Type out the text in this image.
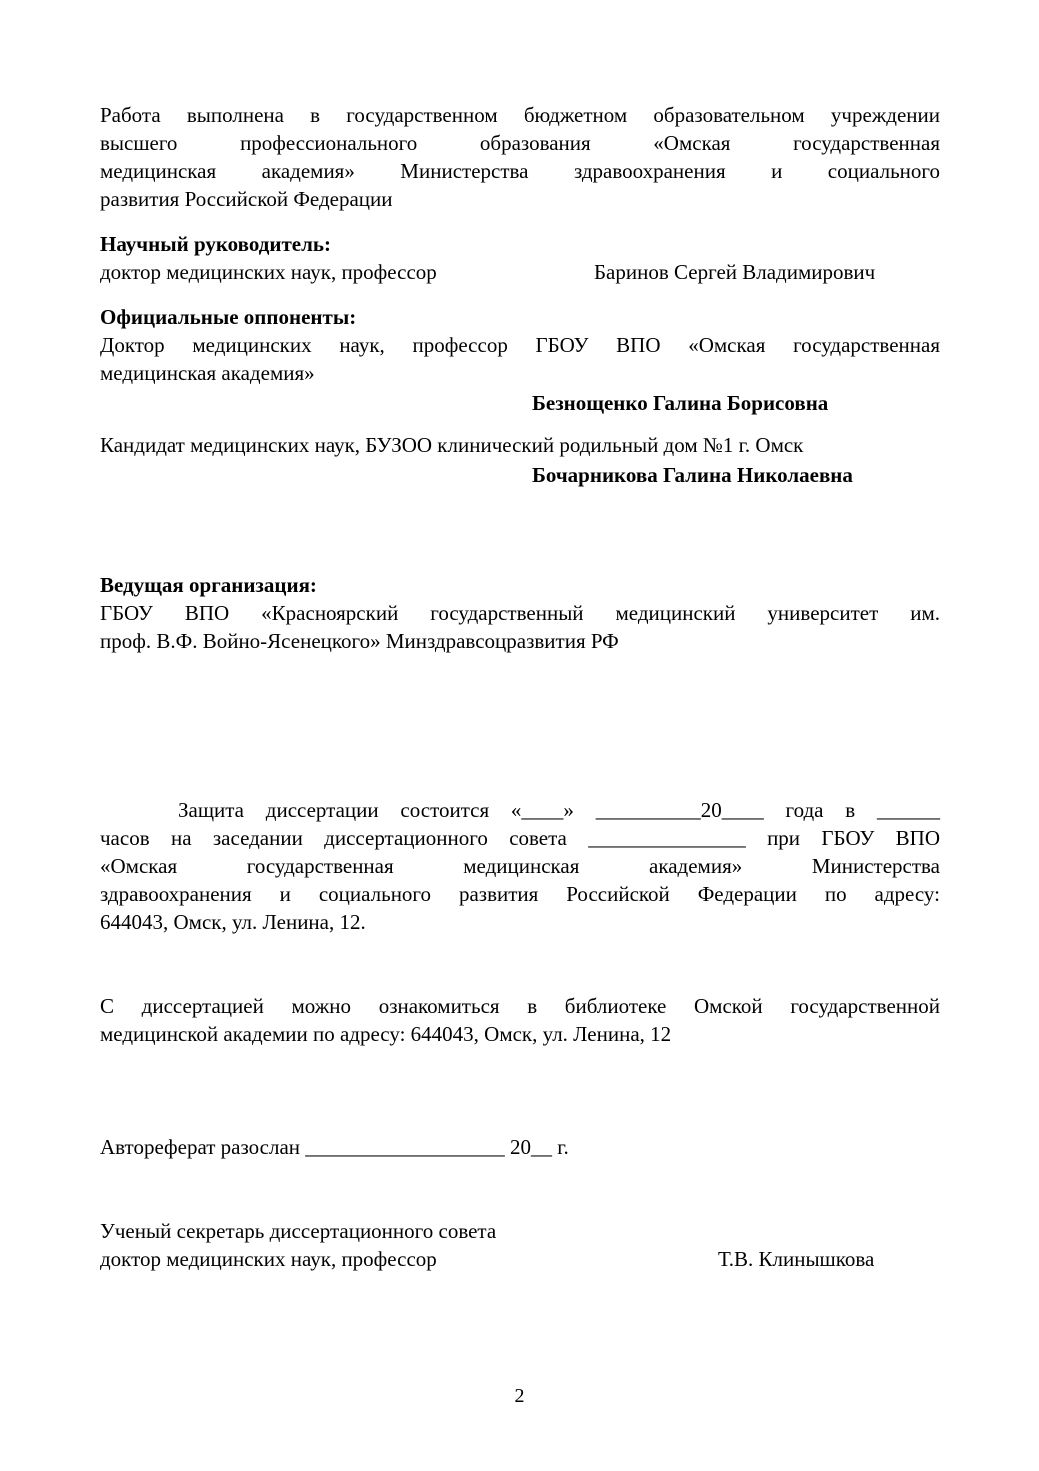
Работа выполнена в государственном бюджетном образовательном учреждении
высшего профессионального образования «Омская государственная
медицинская академия» Министерства здравоохранения и социального
развития Российской Федерации
Научный руководитель:
доктор медицинских наук, профессор	Баринов Сергей Владимирович
Официальные оппоненты:
Доктор медицинских наук, профессор ГБОУ ВПО «Омская государственная
медицинская академия»
Безнощенко Галина Борисовна
Кандидат медицинских наук, БУЗОО клинический родильный дом №1 г. Омск
Бочарникова Галина Николаевна
Ведущая организация:
ГБОУ ВПО «Красноярский государственный медицинский университет им.
проф. В.Ф. Войно-Ясенецкого» Минздравсоцразвития РФ
Защита диссертации состоится «____» __________20____ года в ______
часов на заседании диссертационного совета _______________ при ГБОУ ВПО
«Омская государственная медицинская академия» Министерства
здравоохранения и социального развития Российской Федерации по адресу:
644043, Омск, ул. Ленина, 12.
С диссертацией можно ознакомиться в библиотеке Омской государственной
медицинской академии по адресу: 644043, Омск, ул. Ленина, 12
Автореферат разослан ___________________ 20__ г.
Ученый секретарь диссертационного совета
доктор медицинских наук, профессор	Т.В. Клинышкова
2
